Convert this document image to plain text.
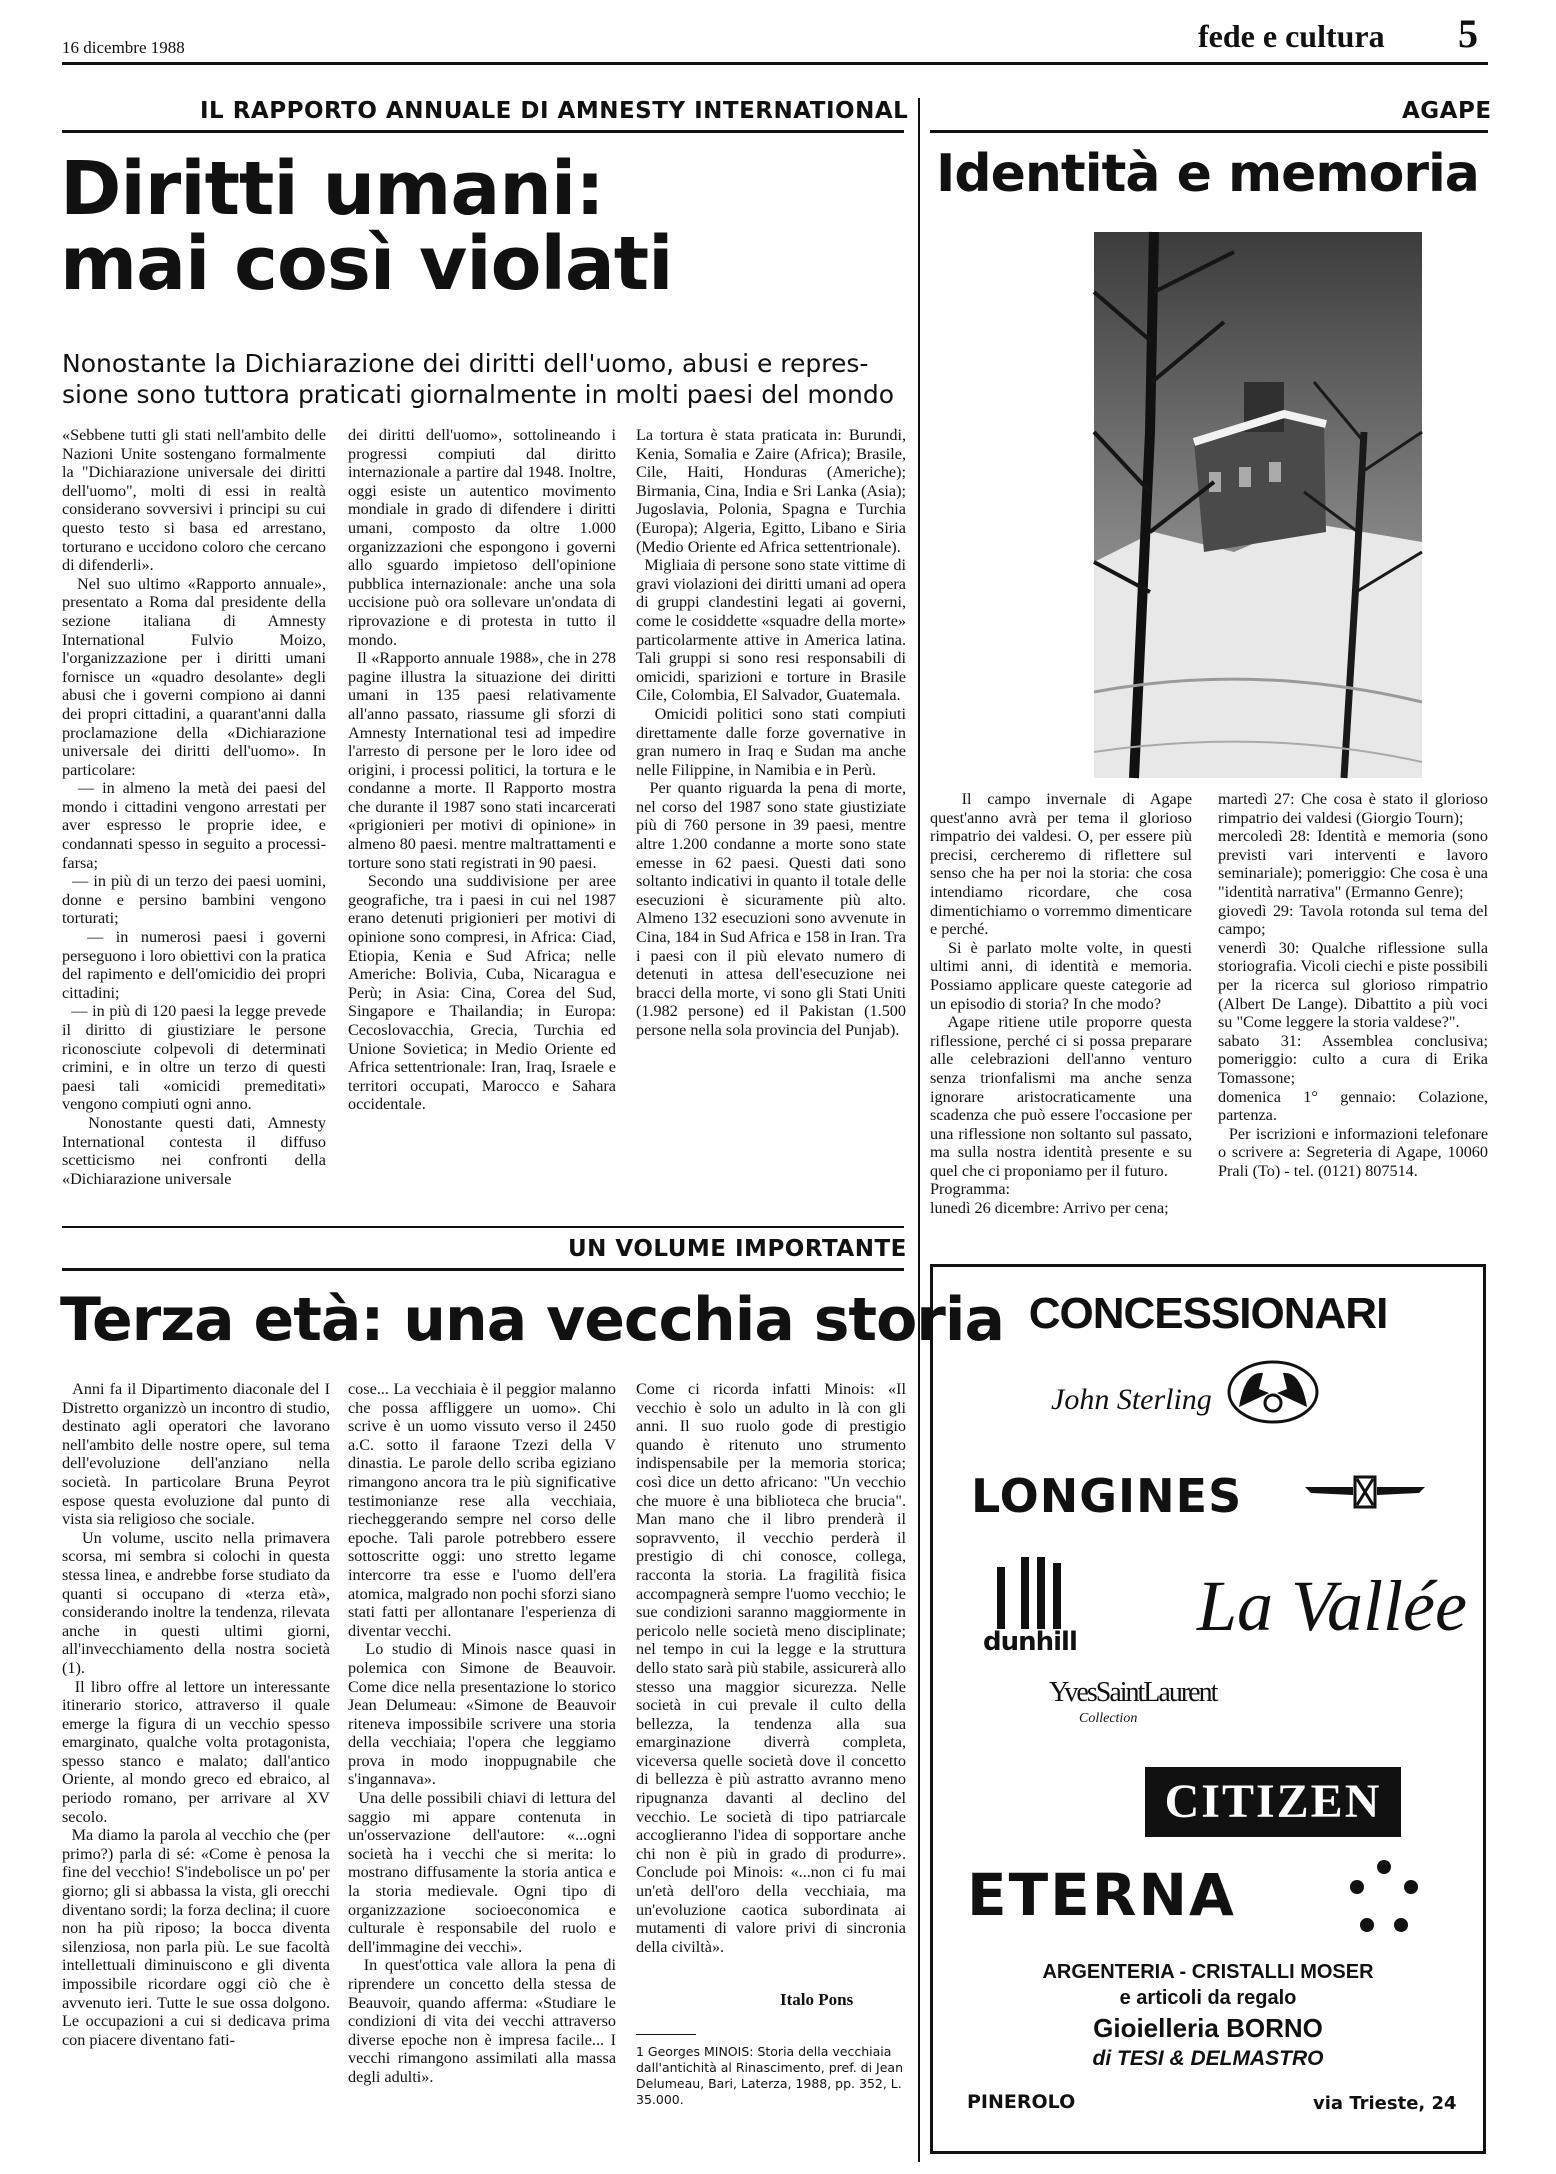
16 dicembre 1988	fede e cultura 5
IL RAPPORTO ANNUALE DI AMNESTY INTERNATIONAL
Diritti umani:
mai così violati
Nonostante la Dichiarazione dei diritti dell'uomo, abusi e repres-
sione sono tuttora praticati giornalmente in molti paesi del mondo
«Sebbene tutti gli stati nell'ambito delle Nazioni Unite sostengano formalmente la "Dichiarazione universale dei diritti dell'uomo", molti di essi in realtà considerano sovversivi i principi su cui questo testo si basa ed arrestano, torturano e uccidono coloro che cercano di difenderli».
Nel suo ultimo «Rapporto annuale», presentato a Roma dal presidente della sezione italiana di Amnesty International Fulvio Moizo, l'organizzazione per i diritti umani fornisce un «quadro desolante» degli abusi che i governi compiono ai danni dei propri cittadini, a quarant'anni dalla proclamazione della «Dichiarazione universale dei diritti dell'uomo». In particolare:
— in almeno la metà dei paesi del mondo i cittadini vengono arrestati per aver espresso le proprie idee, e condannati spesso in seguito a processi-farsa;
— in più di un terzo dei paesi uomini, donne e persino bambini vengono torturati;
— in numerosi paesi i governi perseguono i loro obiettivi con la pratica del rapimento e dell'omicidio dei propri cittadini;
— in più di 120 paesi la legge prevede il diritto di giustiziare le persone riconosciute colpevoli di determinati crimini, e in oltre un terzo di questi paesi tali «omicidi premeditati» vengono compiuti ogni anno.
Nonostante questi dati, Amnesty International contesta il diffuso scetticismo nei confronti della «Dichiarazione universale
dei diritti dell'uomo», sottolineando i progressi compiuti dal diritto internazionale a partire dal 1948. Inoltre, oggi esiste un autentico movimento mondiale in grado di difendere i diritti umani, composto da oltre 1.000 organizzazioni che espongono i governi allo sguardo impietoso dell'opinione pubblica internazionale: anche una sola uccisione può ora sollevare un'ondata di riprovazione e di protesta in tutto il mondo.
Il «Rapporto annuale 1988», che in 278 pagine illustra la situazione dei diritti umani in 135 paesi relativamente all'anno passato, riassume gli sforzi di Amnesty International tesi ad impedire l'arresto di persone per le loro idee od origini, i processi politici, la tortura e le condanne a morte. Il Rapporto mostra che durante il 1987 sono stati incarcerati «prigionieri per motivi di opinione» in almeno 80 paesi. mentre maltrattamenti e torture sono stati registrati in 90 paesi.
Secondo una suddivisione per aree geografiche, tra i paesi in cui nel 1987 erano detenuti prigionieri per motivi di opinione sono compresi, in Africa: Ciad, Etiopia, Kenia e Sud Africa; nelle Americhe: Bolivia, Cuba, Nicaragua e Perù; in Asia: Cina, Corea del Sud, Singapore e Thailandia; in Europa: Cecoslovacchia, Grecia, Turchia ed Unione Sovietica; in Medio Oriente ed Africa settentrionale: Iran, Iraq, Israele e territori occupati, Marocco e Sahara occidentale.
La tortura è stata praticata in: Burundi, Kenia, Somalia e Zaire (Africa); Brasile, Cile, Haiti, Honduras (Americhe); Birmania, Cina, India e Sri Lanka (Asia); Jugoslavia, Polonia, Spagna e Turchia (Europa); Algeria, Egitto, Libano e Siria (Medio Oriente ed Africa settentrionale).
Migliaia di persone sono state vittime di gravi violazioni dei diritti umani ad opera di gruppi clandestini legati ai governi, come le cosiddette «squadre della morte» particolarmente attive in America latina. Tali gruppi si sono resi responsabili di omicidi, sparizioni e torture in Brasile Cile, Colombia, El Salvador, Guatemala.
Omicidi politici sono stati compiuti direttamente dalle forze governative in gran numero in Iraq e Sudan ma anche nelle Filippine, in Namibia e in Perù.
Per quanto riguarda la pena di morte, nel corso del 1987 sono state giustiziate più di 760 persone in 39 paesi, mentre altre 1.200 condanne a morte sono state emesse in 62 paesi. Questi dati sono soltanto indicativi in quanto il totale delle esecuzioni è sicuramente più alto. Almeno 132 esecuzioni sono avvenute in Cina, 184 in Sud Africa e 158 in Iran. Tra i paesi con il più elevato numero di detenuti in attesa dell'esecuzione nei bracci della morte, vi sono gli Stati Uniti (1.982 persone) ed il Pakistan (1.500 persone nella sola provincia del Punjab).
AGAPE
Identità e memoria
Il campo invernale di Agape quest'anno avrà per tema il glorioso rimpatrio dei valdesi. O, per essere più precisi, cercheremo di riflettere sul senso che ha per noi la storia: che cosa intendiamo ricordare, che cosa dimentichiamo o vorremmo dimenticare e perché.
Si è parlato molte volte, in questi ultimi anni, di identità e memoria. Possiamo applicare queste categorie ad un episodio di storia? In che modo?
Agape ritiene utile proporre questa riflessione, perché ci si possa preparare alle celebrazioni dell'anno venturo senza trionfalismi ma anche senza ignorare aristocraticamente una scadenza che può essere l'occasione per una riflessione non soltanto sul passato, ma sulla nostra identità presente e su quel che ci proponiamo per il futuro.
Programma:
lunedì 26 dicembre: Arrivo per cena;
martedì 27: Che cosa è stato il glorioso rimpatrio dei valdesi (Giorgio Tourn);
mercoledì 28: Identità e memoria (sono previsti vari interventi e lavoro seminariale); pomeriggio: Che cosa è una "identità narrativa" (Ermanno Genre);
giovedì 29: Tavola rotonda sul tema del campo;
venerdì 30: Qualche riflessione sulla storiografia. Vicoli ciechi e piste possibili per la ricerca sul glorioso rimpatrio (Albert De Lange). Dibattito a più voci su "Come leggere la storia valdese?".
sabato 31: Assemblea conclusiva; pomeriggio: culto a cura di Erika Tomassone;
domenica 1° gennaio: Colazione, partenza.
Per iscrizioni e informazioni telefonare o scrivere a: Segreteria di Agape, 10060 Prali (To) - tel. (0121) 807514.
UN VOLUME IMPORTANTE
Terza età: una vecchia storia
Anni fa il Dipartimento diaconale del I Distretto organizzò un incontro di studio, destinato agli operatori che lavorano nell'ambito delle nostre opere, sul tema dell'evoluzione dell'anziano nella società. In particolare Bruna Peyrot espose questa evoluzione dal punto di vista sia religioso che sociale.
Un volume, uscito nella primavera scorsa, mi sembra si colochi in questa stessa linea, e andrebbe forse studiato da quanti si occupano di «terza età», considerando inoltre la tendenza, rilevata anche in questi ultimi giorni, all'invecchiamento della nostra società (1).
Il libro offre al lettore un interessante itinerario storico, attraverso il quale emerge la figura di un vecchio spesso emarginato, qualche volta protagonista, spesso stanco e malato; dall'antico Oriente, al mondo greco ed ebraico, al periodo romano, per arrivare al XV secolo.
Ma diamo la parola al vecchio che (per primo?) parla di sé: «Come è penosa la fine del vecchio! S'indebolisce un po' per giorno; gli si abbassa la vista, gli orecchi diventano sordi; la forza declina; il cuore non ha più riposo; la bocca diventa silenziosa, non parla più. Le sue facoltà intellettuali diminuiscono e gli diventa impossibile ricordare oggi ciò che è avvenuto ieri. Tutte le sue ossa dolgono. Le occupazioni a cui si dedicava prima con piacere diventano fati-
cose... La vecchiaia è il peggior malanno che possa affliggere un uomo». Chi scrive è un uomo vissuto verso il 2450 a.C. sotto il faraone Tzezi della V dinastia. Le parole dello scriba egiziano rimangono ancora tra le più significative testimonianze rese alla vecchiaia, riecheggerando sempre nel corso delle epoche. Tali parole potrebbero essere sottoscritte oggi: uno stretto legame intercorre tra esse e l'uomo dell'era atomica, malgrado non pochi sforzi siano stati fatti per allontanare l'esperienza di diventar vecchi.
Lo studio di Minois nasce quasi in polemica con Simone de Beauvoir. Come dice nella presentazione lo storico Jean Delumeau: «Simone de Beauvoir riteneva impossibile scrivere una storia della vecchiaia; l'opera che leggiamo prova in modo inoppugnabile che s'ingannava».
Una delle possibili chiavi di lettura del saggio mi appare contenuta in un'osservazione dell'autore: «...ogni società ha i vecchi che si merita: lo mostrano diffusamente la storia antica e la storia medievale. Ogni tipo di organizzazione socioeconomica e culturale è responsabile del ruolo e dell'immagine dei vecchi».
In quest'ottica vale allora la pena di riprendere un concetto della stessa de Beauvoir, quando afferma: «Studiare le condizioni di vita dei vecchi attraverso diverse epoche non è impresa facile... I vecchi rimangono assimilati alla massa degli adulti».
Come ci ricorda infatti Minois: «Il vecchio è solo un adulto in là con gli anni. Il suo ruolo gode di prestigio quando è ritenuto uno strumento indispensabile per la memoria storica; così dice un detto africano: "Un vecchio che muore è una biblioteca che brucia". Man mano che il libro prenderà il sopravvento, il vecchio perderà il prestigio di chi conosce, collega, racconta la storia. La fragilità fisica accompagnerà sempre l'uomo vecchio; le sue condizioni saranno maggiormente in pericolo nelle società meno disciplinate; nel tempo in cui la legge e la struttura dello stato sarà più stabile, assicurerà allo stesso una maggior sicurezza. Nelle società in cui prevale il culto della bellezza, la tendenza alla sua emarginazione diverrà completa, viceversa quelle società dove il concetto di bellezza è più astratto avranno meno ripugnanza davanti al declino del vecchio. Le società di tipo patriarcale accoglieranno l'idea di sopportare anche chi non è più in grado di produrre». Conclude poi Minois: «...non ci fu mai un'età dell'oro della vecchiaia, ma un'evoluzione caotica subordinata ai mutamenti di valore privi di sincronia della civiltà».
Italo Pons
1 Georges MINOIS: Storia della vecchiaia dall'antichità al Rinascimento, pref. di Jean Delumeau, Bari, Laterza, 1988, pp. 352, L. 35.000.
CONCESSIONARI
John Sterling
LONGINES
dunhill La Vallée
YvesSaintLaurent
Collection
CITIZEN
ETERNA
ARGENTERIA - CRISTALLI MOSER
e articoli da regalo
Gioielleria BORNO
di TESI & DELMASTRO
PINEROLO	via Trieste, 24
